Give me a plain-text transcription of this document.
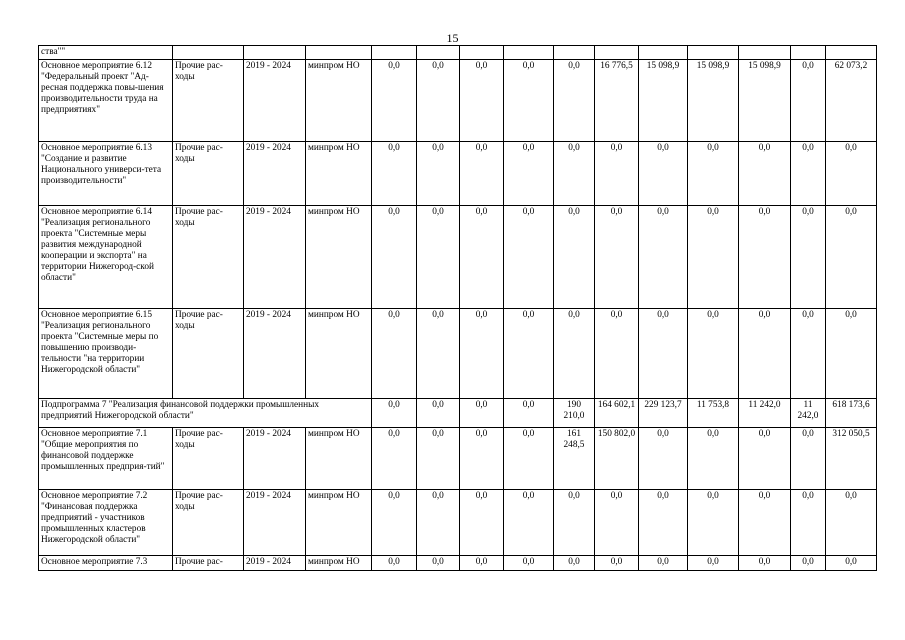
15
ства""														
Основное мероприятие 6.12 "Федеральный проект "Ад-ресная поддержка повы-шения производительности труда на предприятиях"	Прочие рас-ходы	2019 - 2024	минпром НО	0,0	0,0	0,0	0,0	0,0	16 776,5	15 098,9	15 098,9	15 098,9	0,0	62 073,2
Основное мероприятие 6.13 "Создание и развитие Национального универси-тета производительности"	Прочие рас-ходы	2019 - 2024	минпром НО	0,0	0,0	0,0	0,0	0,0	0,0	0,0	0,0	0,0	0,0	0,0
Основное мероприятие 6.14 "Реализация регионального проекта "Системные меры развития международной кооперации и экспорта" на территории Нижегород-ской области"	Прочие рас-ходы	2019 - 2024	минпром НО	0,0	0,0	0,0	0,0	0,0	0,0	0,0	0,0	0,0	0,0	0,0
Основное мероприятие 6.15 "Реализация регионального проекта "Системные меры по повышению производи-тельности "на территории Нижегородской области"	Прочие рас-ходы	2019 - 2024	минпром НО	0,0	0,0	0,0	0,0	0,0	0,0	0,0	0,0	0,0	0,0	0,0
Подпрограмма 7 "Реализация финансовой поддержки промышленных предприятий Нижегородской области"				0,0	0,0	0,0	0,0	190 210,0	164 602,1	229 123,7	11 753,8	11 242,0	11 242,0	618 173,6
Основное мероприятие 7.1 "Общие мероприятия по финансовой поддержке промышленных предприя-тий"	Прочие рас-ходы	2019 - 2024	минпром НО	0,0	0,0	0,0	0,0	161 248,5	150 802,0	0,0	0,0	0,0	0,0	312 050,5
Основное мероприятие 7.2 "Финансовая поддержка предприятий - участников промышленных кластеров Нижегородской области"	Прочие рас-ходы	2019 - 2024	минпром НО	0,0	0,0	0,0	0,0	0,0	0,0	0,0	0,0	0,0	0,0	0,0
Основное мероприятие 7.3	Прочие рас-	2019 - 2024	минпром НО	0,0	0,0	0,0	0,0	0,0	0,0	0,0	0,0	0,0	0,0	0,0
